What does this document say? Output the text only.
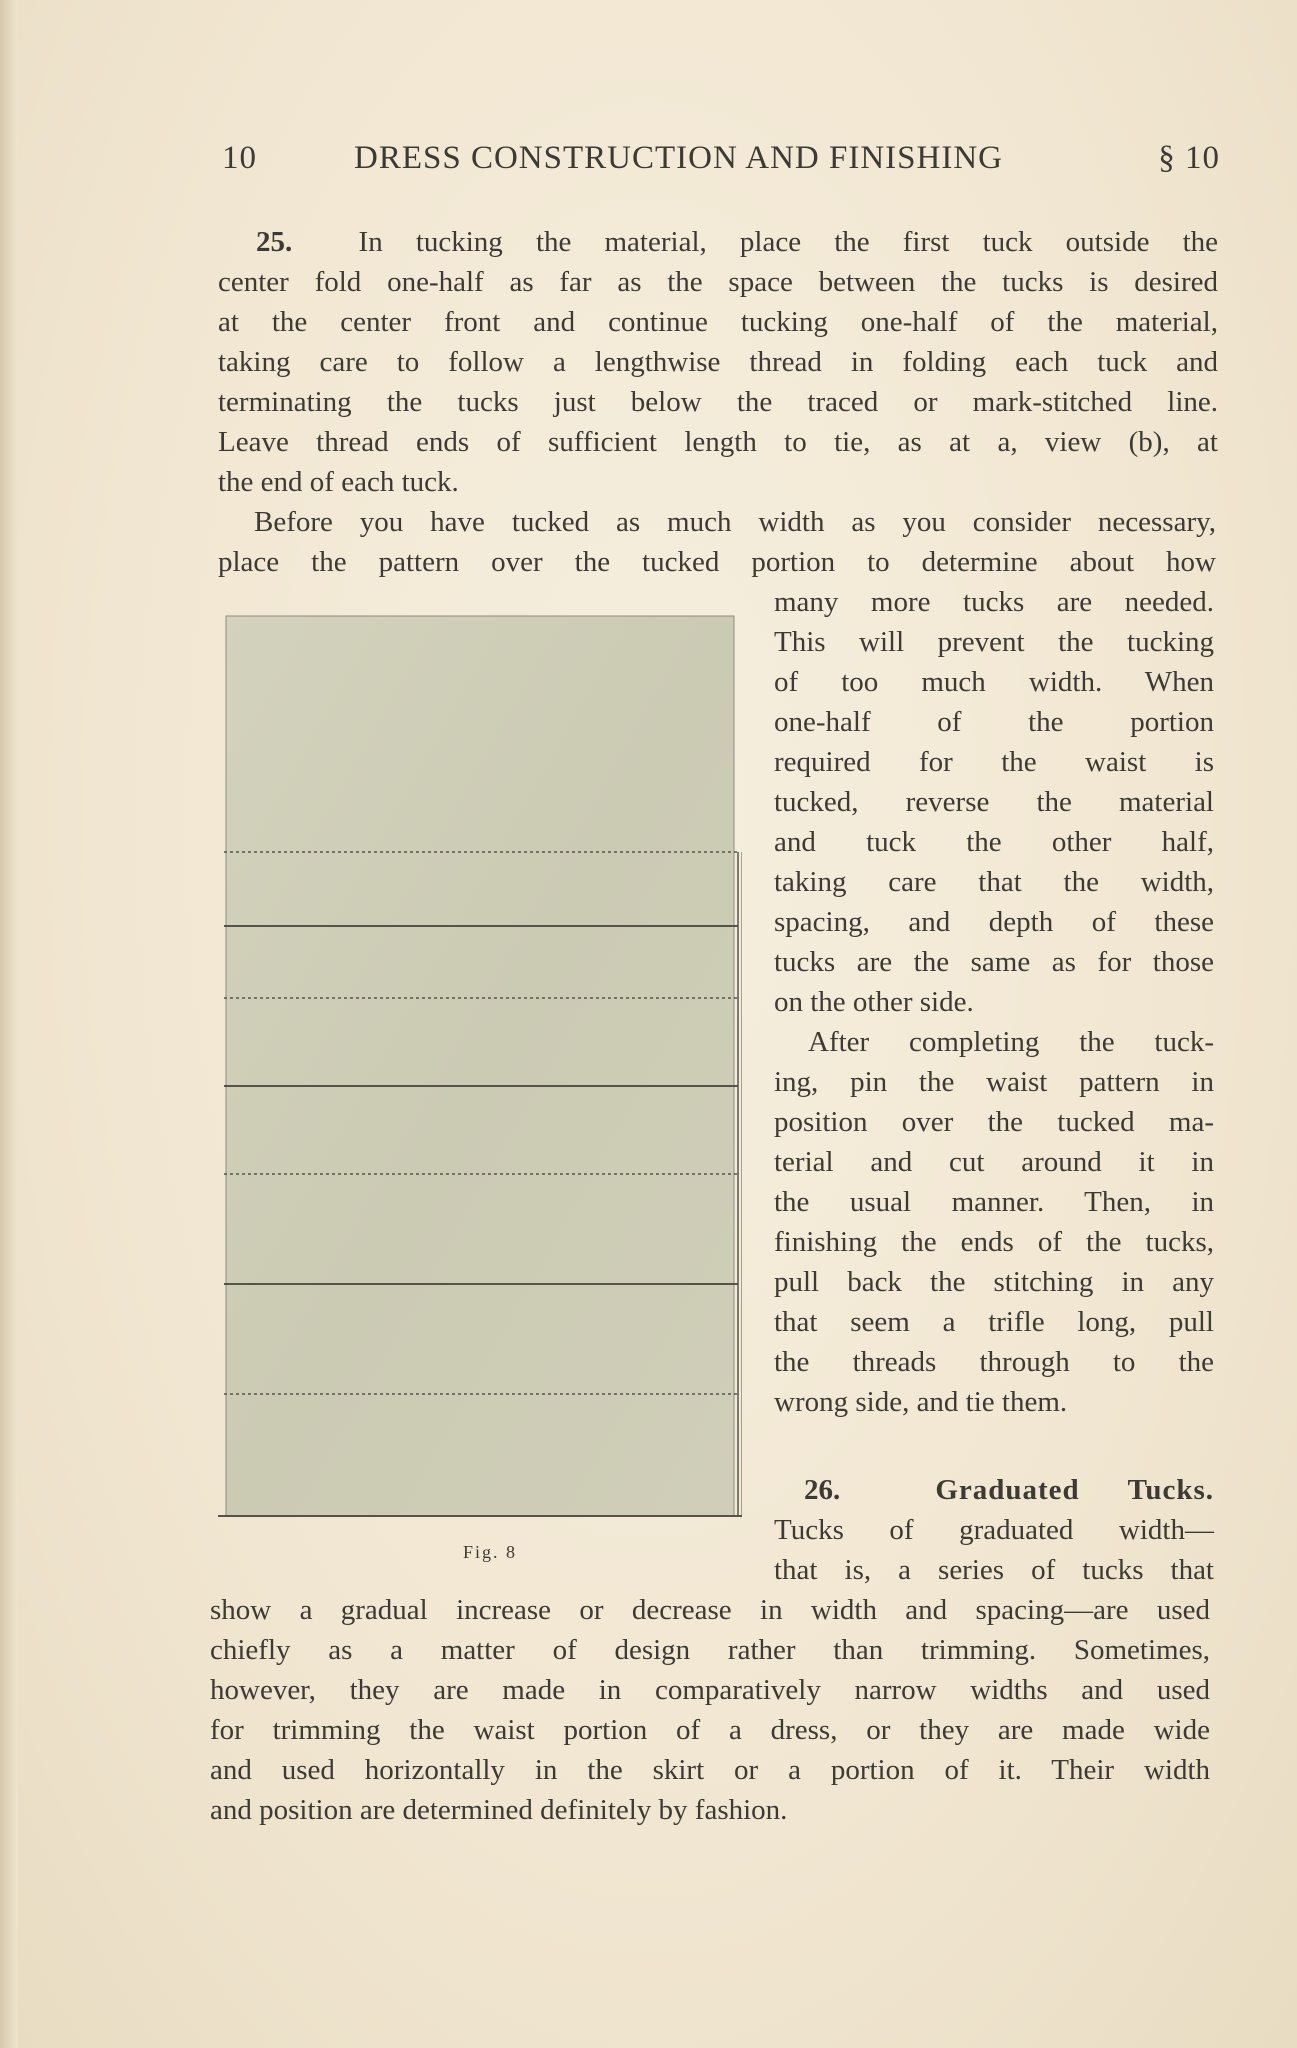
10	DRESS CONSTRUCTION AND FINISHING	§ 10
25. In tucking the material, place the first tuck outside the
center fold one-half as far as the space between the tucks is desired
at the center front and continue tucking one-half of the material,
taking care to follow a lengthwise thread in folding each tuck and
terminating the tucks just below the traced or mark-stitched line.
Leave thread ends of sufficient length to tie, as at a, view (b), at
the end of each tuck.
Before you have tucked as much width as you consider necessary,
place the pattern over the tucked portion to determine about how
many more tucks are needed.
This will prevent the tucking
of too much width. When
one-half of the portion
required for the waist is
tucked, reverse the material
and tuck the other half,
taking care that the width,
spacing, and depth of these
tucks are the same as for those
on the other side.
After completing the tuck-
ing, pin the waist pattern in
position over the tucked ma-
terial and cut around it in
the usual manner. Then, in
finishing the ends of the tucks,
pull back the stitching in any
that seem a trifle long, pull
the threads through to the
wrong side, and tie them.
26.	Graduated Tucks.
Tucks of graduated width—
that is, a series of tucks that
show a gradual increase or decrease in width and spacing—are used
chiefly as a matter of design rather than trimming. Sometimes,
however, they are made in comparatively narrow widths and used
for trimming the waist portion of a dress, or they are made wide
and used horizontally in the skirt or a portion of it. Their width
and position are determined definitely by fashion.
Fig. 8
